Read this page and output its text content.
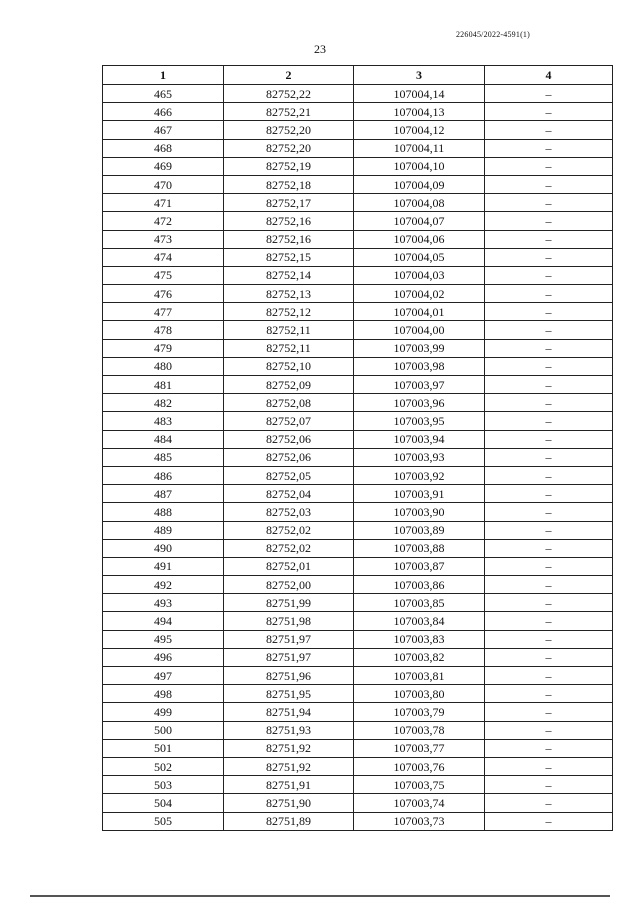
226045/2022-4591(1)
23
1	2	3	4
465	82752,22	107004,14	–
466	82752,21	107004,13	–
467	82752,20	107004,12	–
468	82752,20	107004,11	–
469	82752,19	107004,10	–
470	82752,18	107004,09	–
471	82752,17	107004,08	–
472	82752,16	107004,07	–
473	82752,16	107004,06	–
474	82752,15	107004,05	–
475	82752,14	107004,03	–
476	82752,13	107004,02	–
477	82752,12	107004,01	–
478	82752,11	107004,00	–
479	82752,11	107003,99	–
480	82752,10	107003,98	–
481	82752,09	107003,97	–
482	82752,08	107003,96	–
483	82752,07	107003,95	–
484	82752,06	107003,94	–
485	82752,06	107003,93	–
486	82752,05	107003,92	–
487	82752,04	107003,91	–
488	82752,03	107003,90	–
489	82752,02	107003,89	–
490	82752,02	107003,88	–
491	82752,01	107003,87	–
492	82752,00	107003,86	–
493	82751,99	107003,85	–
494	82751,98	107003,84	–
495	82751,97	107003,83	–
496	82751,97	107003,82	–
497	82751,96	107003,81	–
498	82751,95	107003,80	–
499	82751,94	107003,79	–
500	82751,93	107003,78	–
501	82751,92	107003,77	–
502	82751,92	107003,76	–
503	82751,91	107003,75	–
504	82751,90	107003,74	–
505	82751,89	107003,73	–
